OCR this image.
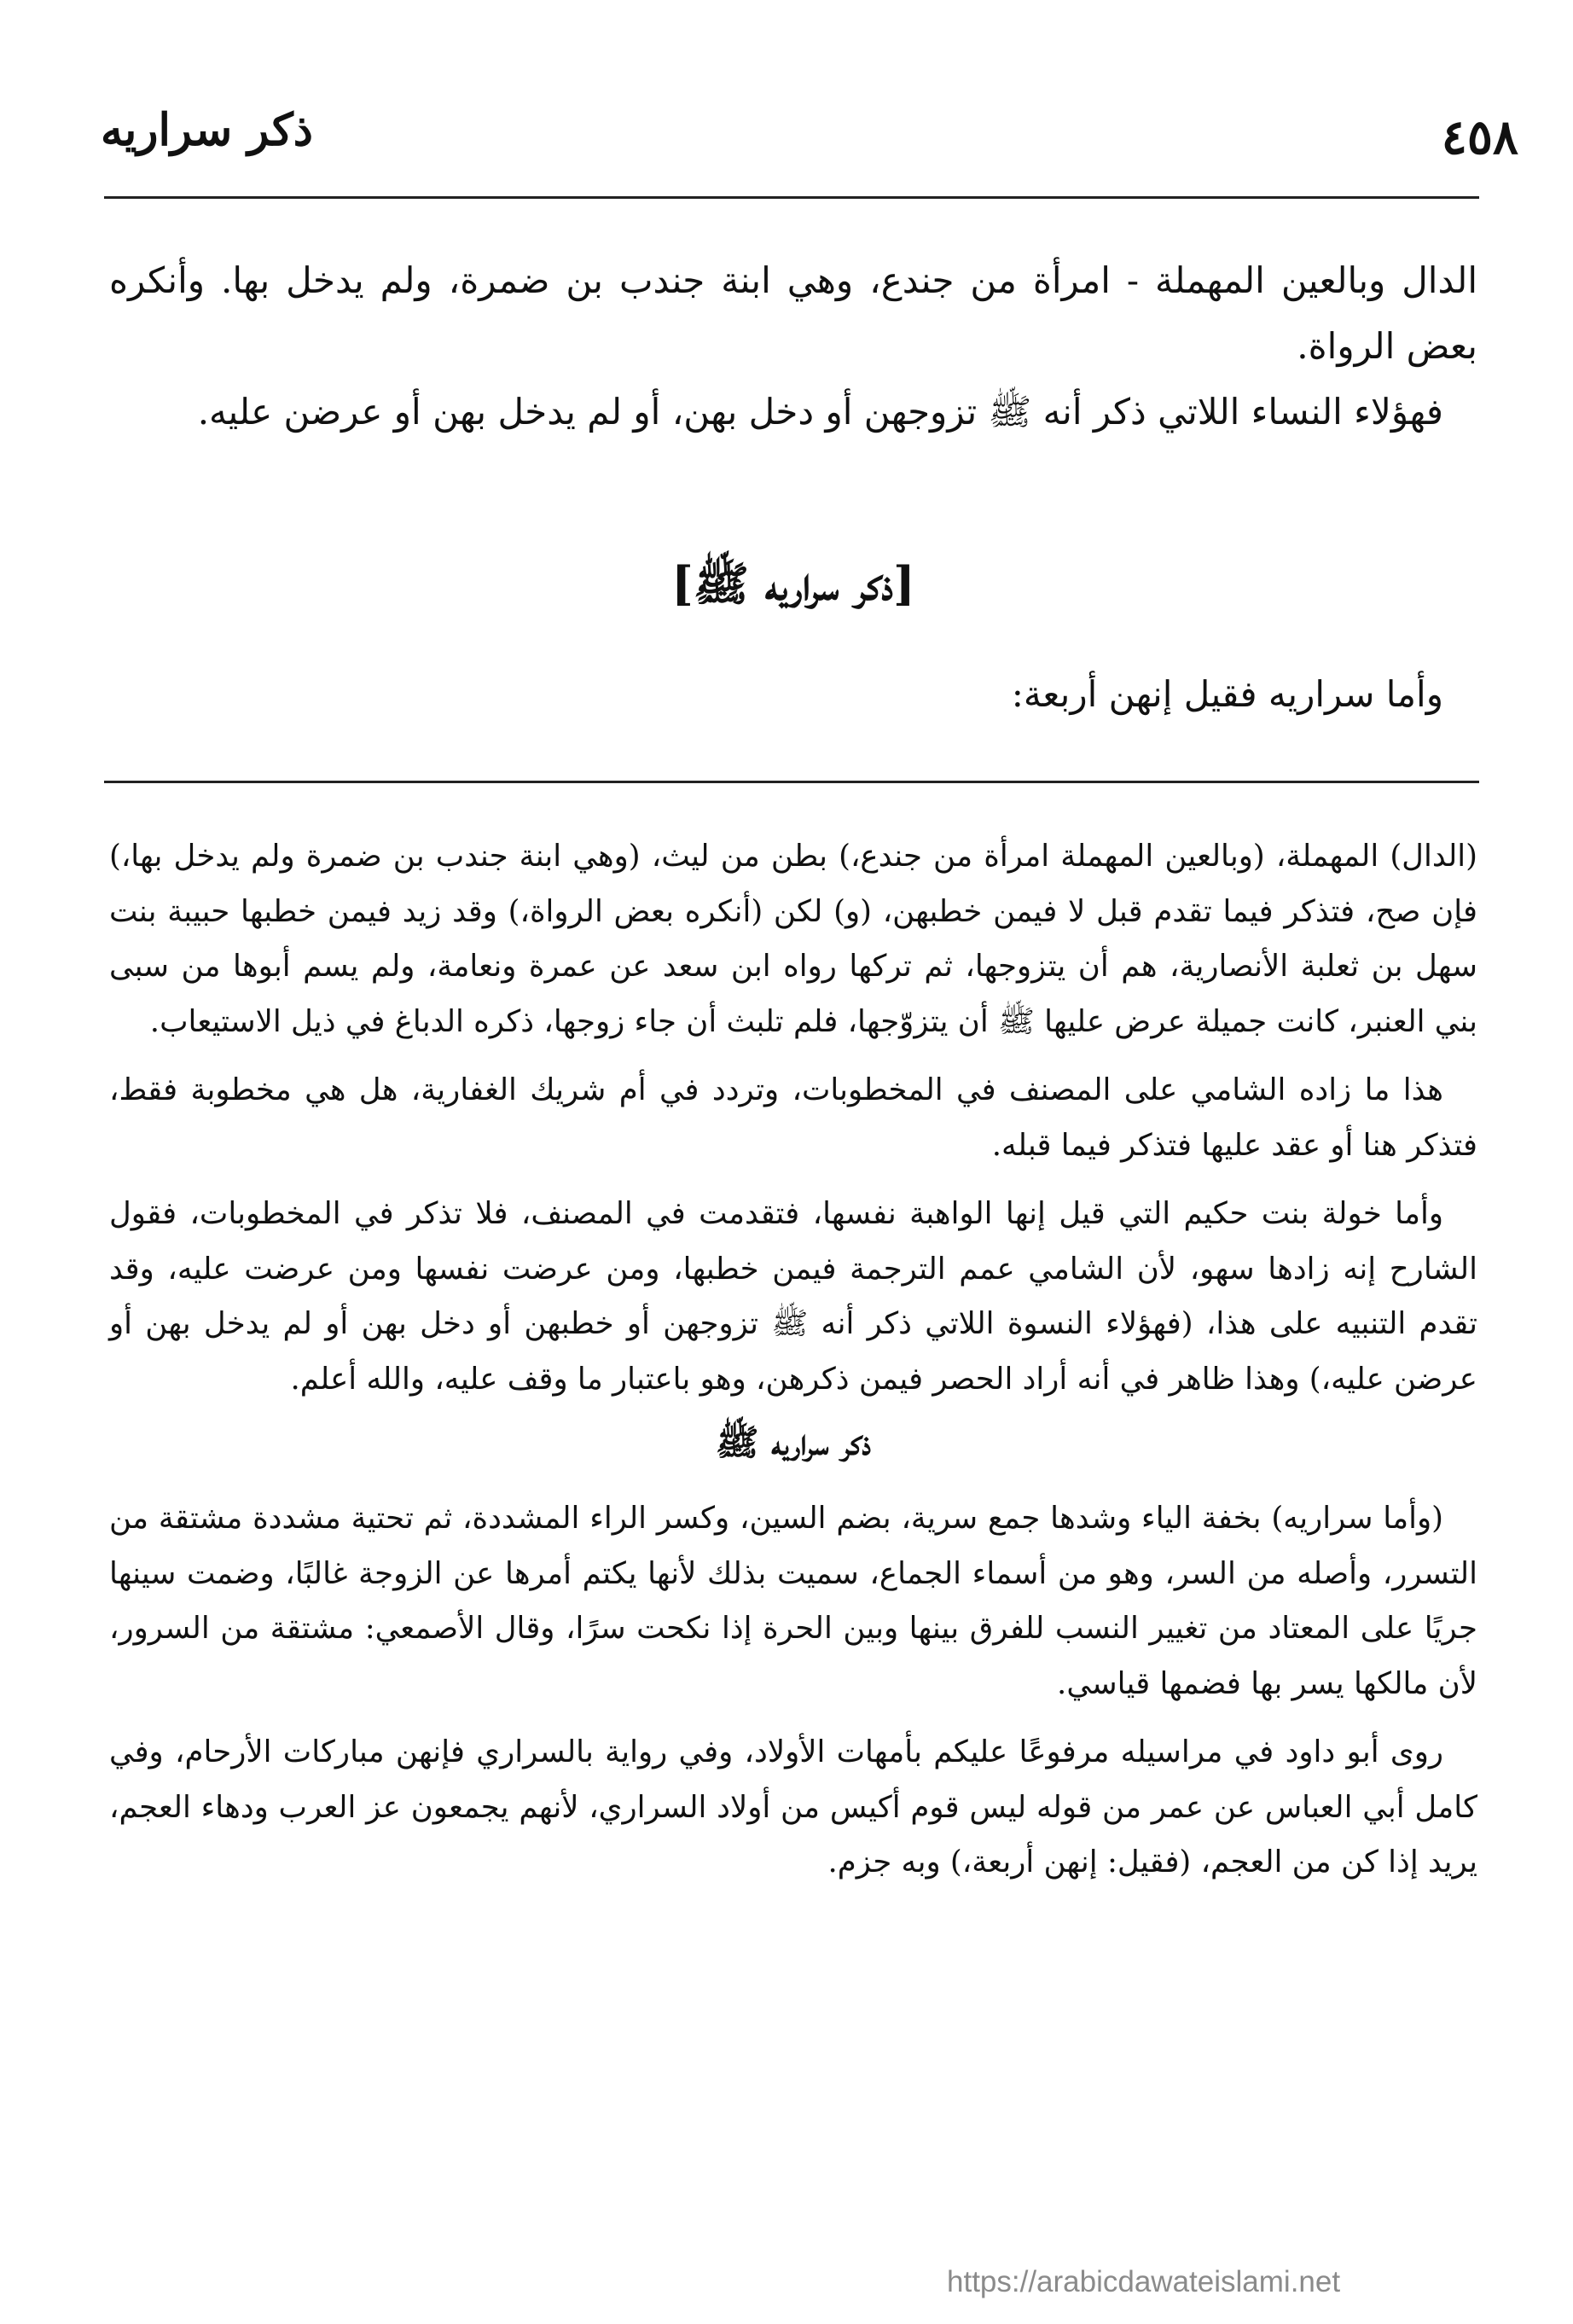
ذكر سراريه	٤٥٨

الدال وبالعين المهملة - امرأة من جندع، وهي ابنة جندب بن ضمرة، ولم يدخل بها. وأنكره بعض الرواة.

فهؤلاء النساء اللاتي ذكر أنه ﷺ تزوجهن أو دخل بهن، أو لم يدخل بهن أو عرضن عليه.

[ذكر سراريه ﷺ]

وأما سراريه فقيل إنهن أربعة:

(الدال) المهملة، (وبالعين المهملة امرأة من جندع،) بطن من ليث، (وهي ابنة جندب بن ضمرة ولم يدخل بها،) فإن صح، فتذكر فيما تقدم قبل لا فيمن خطبهن، (و) لكن (أنكره بعض الرواة،) وقد زيد فيمن خطبها حبيبة بنت سهل بن ثعلبة الأنصارية، هم أن يتزوجها، ثم تركها رواه ابن سعد عن عمرة ونعامة، ولم يسم أبوها من سبى بني العنبر، كانت جميلة عرض عليها ﷺ أن يتزوّجها، فلم تلبث أن جاء زوجها، ذكره الدباغ في ذيل الاستيعاب.

هذا ما زاده الشامي على المصنف في المخطوبات، وتردد في أم شريك الغفارية، هل هي مخطوبة فقط، فتذكر هنا أو عقد عليها فتذكر فيما قبله.

وأما خولة بنت حكيم التي قيل إنها الواهبة نفسها، فتقدمت في المصنف، فلا تذكر في المخطوبات، فقول الشارح إنه زادها سهو، لأن الشامي عمم الترجمة فيمن خطبها، ومن عرضت نفسها ومن عرضت عليه، وقد تقدم التنبيه على هذا، (فهؤلاء النسوة اللاتي ذكر أنه ﷺ تزوجهن أو خطبهن أو دخل بهن أو لم يدخل بهن أو عرضن عليه،) وهذا ظاهر في أنه أراد الحصر فيمن ذكرهن، وهو باعتبار ما وقف عليه، والله أعلم.

ذكر سراريه ﷺ

(وأما سراريه) بخفة الياء وشدها جمع سرية، بضم السين، وكسر الراء المشددة، ثم تحتية مشددة مشتقة من التسرر، وأصله من السر، وهو من أسماء الجماع، سميت بذلك لأنها يكتم أمرها عن الزوجة غالبًا، وضمت سينها جريًا على المعتاد من تغيير النسب للفرق بينها وبين الحرة إذا نكحت سرًا، وقال الأصمعي: مشتقة من السرور، لأن مالكها يسر بها فضمها قياسي.

روى أبو داود في مراسيله مرفوعًا عليكم بأمهات الأولاد، وفي رواية بالسراري فإنهن مباركات الأرحام، وفي كامل أبي العباس عن عمر من قوله ليس قوم أكيس من أولاد السراري، لأنهم يجمعون عز العرب ودهاء العجم، يريد إذا كن من العجم، (فقيل: إنهن أربعة،) وبه جزم.

https://arabicdawateislami.net
